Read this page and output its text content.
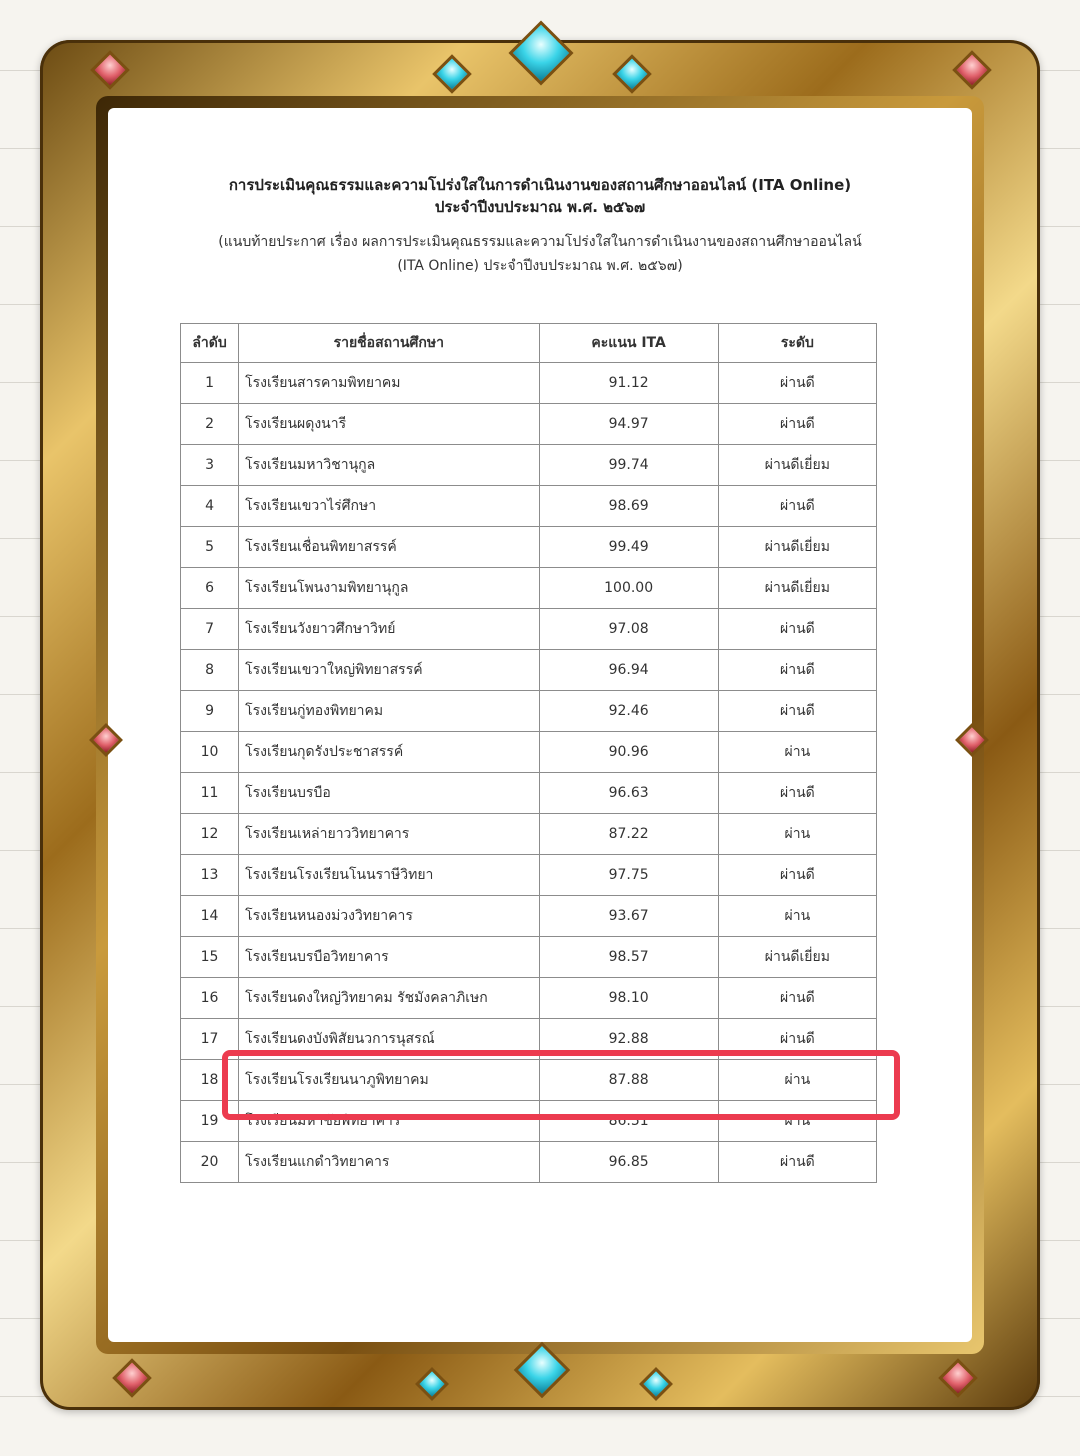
การประเมินคุณธรรมและความโปร่งใสในการดำเนินงานของสถานศึกษาออนไลน์ (ITA Online)
ประจำปีงบประมาณ พ.ศ. ๒๕๖๗
(แนบท้ายประกาศ เรื่อง ผลการประเมินคุณธรรมและความโปร่งใสในการดำเนินงานของสถานศึกษาออนไลน์
(ITA Online) ประจำปีงบประมาณ พ.ศ. ๒๕๖๗)
ลำดับ	รายชื่อสถานศึกษา	คะแนน ITA	ระดับ
1	โรงเรียนสารคามพิทยาคม	91.12	ผ่านดี
2	โรงเรียนผดุงนารี	94.97	ผ่านดี
3	โรงเรียนมหาวิชานุกูล	99.74	ผ่านดีเยี่ยม
4	โรงเรียนเขวาไร่ศึกษา	98.69	ผ่านดี
5	โรงเรียนเชื่อนพิทยาสรรค์	99.49	ผ่านดีเยี่ยม
6	โรงเรียนโพนงามพิทยานุกูล	100.00	ผ่านดีเยี่ยม
7	โรงเรียนวังยาวศึกษาวิทย์	97.08	ผ่านดี
8	โรงเรียนเขวาใหญ่พิทยาสรรค์	96.94	ผ่านดี
9	โรงเรียนกู่ทองพิทยาคม	92.46	ผ่านดี
10	โรงเรียนกุดรังประชาสรรค์	90.96	ผ่าน
11	โรงเรียนบรบือ	96.63	ผ่านดี
12	โรงเรียนเหล่ายาววิทยาคาร	87.22	ผ่าน
13	โรงเรียนโรงเรียนโนนราษีวิทยา	97.75	ผ่านดี
14	โรงเรียนหนองม่วงวิทยาคาร	93.67	ผ่าน
15	โรงเรียนบรบือวิทยาคาร	98.57	ผ่านดีเยี่ยม
16	โรงเรียนดงใหญ่วิทยาคม รัชมังคลาภิเษก	98.10	ผ่านดี
17	โรงเรียนดงบังพิสัยนวการนุสรณ์	92.88	ผ่านดี
18	โรงเรียนโรงเรียนนาภูพิทยาคม	87.88	ผ่าน
19	โรงเรียนมหาชัยพิทยาคาร	86.51	ผ่าน
20	โรงเรียนแกดำวิทยาคาร	96.85	ผ่านดี
